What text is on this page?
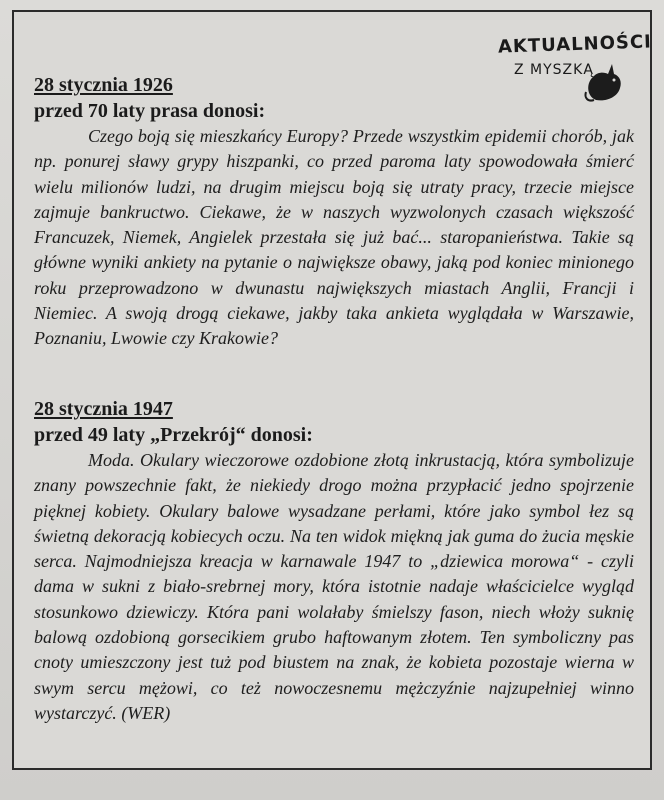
AKTUALNOŚCI
Z MYSZKĄ
28 stycznia 1926
przed 70 laty prasa donosi:

Czego boją się mieszkańcy Europy? Przede wszystkim epidemii chorób, jak np. ponurej sławy grypy hiszpanki, co przed paroma laty spowodowała śmierć wielu milionów ludzi, na drugim miejscu boją się utraty pracy, trzecie miejsce zajmuje bankructwo. Ciekawe, że w naszych wyzwolonych czasach większość Francuzek, Niemek, Angielek przestała się już bać... staropanieństwa. Takie są główne wyniki ankiety na pytanie o największe obawy, jaką pod koniec minionego roku przeprowadzono w dwunastu największych miastach Anglii, Francji i Niemiec. A swoją drogą ciekawe, jakby taka ankieta wyglądała w Warszawie, Poznaniu, Lwowie czy Krakowie?

28 stycznia 1947
przed 49 laty „Przekrój“ donosi:

Moda. Okulary wieczorowe ozdobione złotą inkrustacją, która symbolizuje znany powszechnie fakt, że niekiedy drogo można przypłacić jedno spojrzenie pięknej kobiety. Okulary balowe wysadzane perłami, które jako symbol łez są świetną dekoracją kobiecych oczu. Na ten widok miękną jak guma do żucia męskie serca. Najmodniejsza kreacja w karnawale 1947 to „dziewica morowa“ - czyli dama w sukni z biało-srebrnej mory, która istotnie nadaje właścicielce wygląd stosunkowo dziewiczy. Która pani wolałaby śmielszy fason, niech włoży suknię balową ozdobioną gorsecikiem grubo haftowanym złotem. Ten symboliczny pas cnoty umieszczony jest tuż pod biustem na znak, że kobieta pozostaje wierna w swym sercu mężowi, co też nowoczesnemu mężczyźnie najzupełniej winno wystarczyć. (WER)
